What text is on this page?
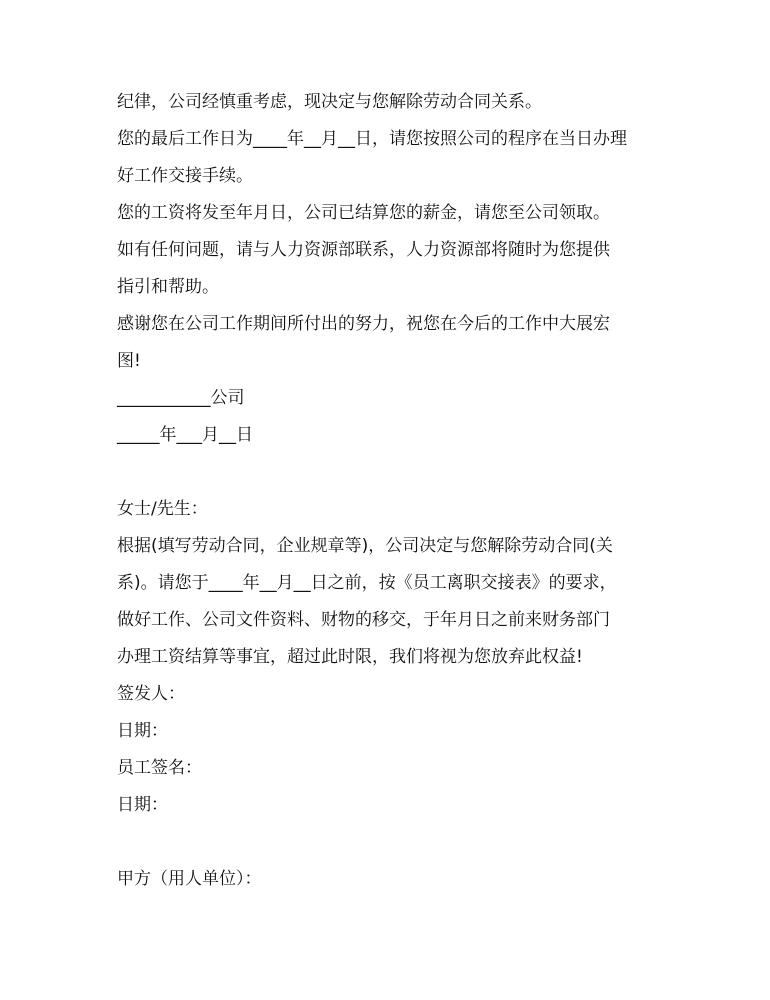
纪律，公司经慎重考虑，现决定与您解除劳动合同关系。
您的最后工作日为____年__月__日，请您按照公司的程序在当日办理
好工作交接手续。
您的工资将发至年月日，公司已结算您的薪金，请您至公司领取。
如有任何问题，请与人力资源部联系，人力资源部将随时为您提供
指引和帮助。
感谢您在公司工作期间所付出的努力，祝您在今后的工作中大展宏
图!
___________公司
_____年___月__日
女士/先生：
根据(填写劳动合同，企业规章等)，公司决定与您解除劳动合同(关
系)。请您于____年__月__日之前，按《员工离职交接表》的要求，
做好工作、公司文件资料、财物的移交，于年月日之前来财务部门
办理工资结算等事宜，超过此时限，我们将视为您放弃此权益!
签发人：
日期：
员工签名：
日期：
甲方（用人单位）：
